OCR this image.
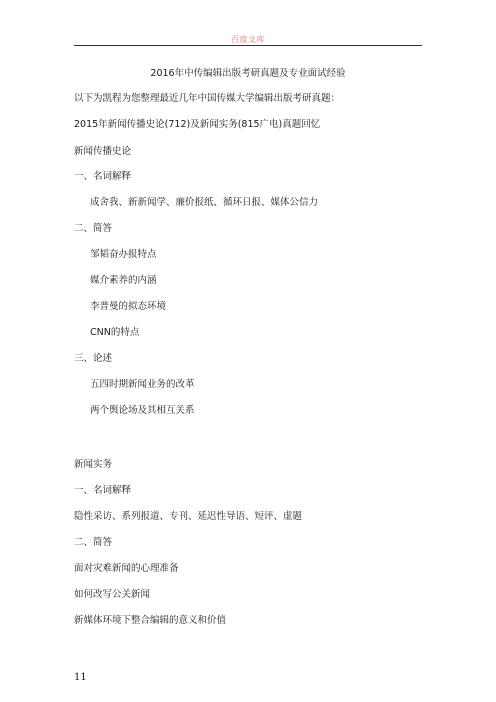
百度文库
2016年中传编辑出版考研真题及专业面试经验
以下为凯程为您整理最近几年中国传媒大学编辑出版考研真题：
2015年新闻传播史论(712)及新闻实务(815广电)真题回忆
新闻传播史论
一、名词解释
成舍我、新新闻学、廉价报纸、循环日报、媒体公信力
二、简答
邹韬奋办报特点
媒介素养的内涵
李普曼的拟态环境
CNN的特点
三、论述
五四时期新闻业务的改革
两个舆论场及其相互关系
新闻实务
一、名词解释
隐性采访、系列报道、专刊、延迟性导语、短评、虚题
二、简答
面对灾难新闻的心理准备
如何改写公关新闻
新媒体环境下整合编辑的意义和价值
11
